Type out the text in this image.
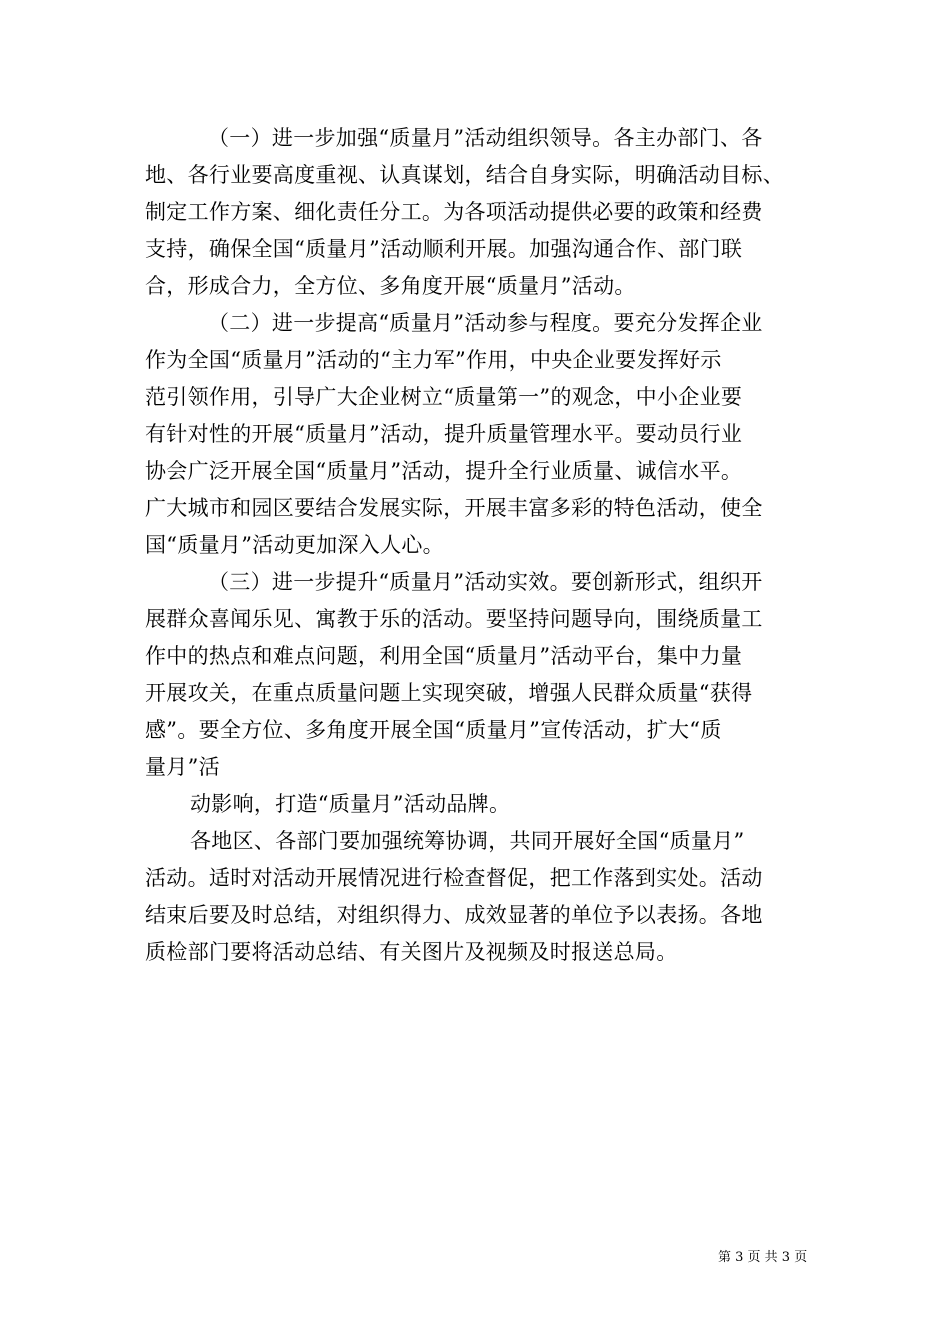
（一）进一步加强“质量月”活动组织领导。各主办部门、各
地、各行业要高度重视、认真谋划，结合自身实际，明确活动目标、
制定工作方案、细化责任分工。为各项活动提供必要的政策和经费
支持，确保全国“质量月”活动顺利开展。加强沟通合作、部门联
合，形成合力，全方位、多角度开展“质量月”活动。
（二）进一步提高“质量月”活动参与程度。要充分发挥企业
作为全国“质量月”活动的“主力军”作用，中央企业要发挥好示
范引领作用，引导广大企业树立“质量第一”的观念，中小企业要
有针对性的开展“质量月”活动，提升质量管理水平。要动员行业
协会广泛开展全国“质量月”活动，提升全行业质量、诚信水平。
广大城市和园区要结合发展实际，开展丰富多彩的特色活动，使全
国“质量月”活动更加深入人心。
（三）进一步提升“质量月”活动实效。要创新形式，组织开
展群众喜闻乐见、寓教于乐的活动。要坚持问题导向，围绕质量工
作中的热点和难点问题，利用全国“质量月”活动平台，集中力量
开展攻关，在重点质量问题上实现突破，增强人民群众质量“获得
感”。要全方位、多角度开展全国“质量月”宣传活动，扩大“质
量月”活
动影响，打造“质量月”活动品牌。
各地区、各部门要加强统筹协调，共同开展好全国“质量月”
活动。适时对活动开展情况进行检查督促，把工作落到实处。活动
结束后要及时总结，对组织得力、成效显著的单位予以表扬。各地
质检部门要将活动总结、有关图片及视频及时报送总局。
第 3 页 共 3 页
